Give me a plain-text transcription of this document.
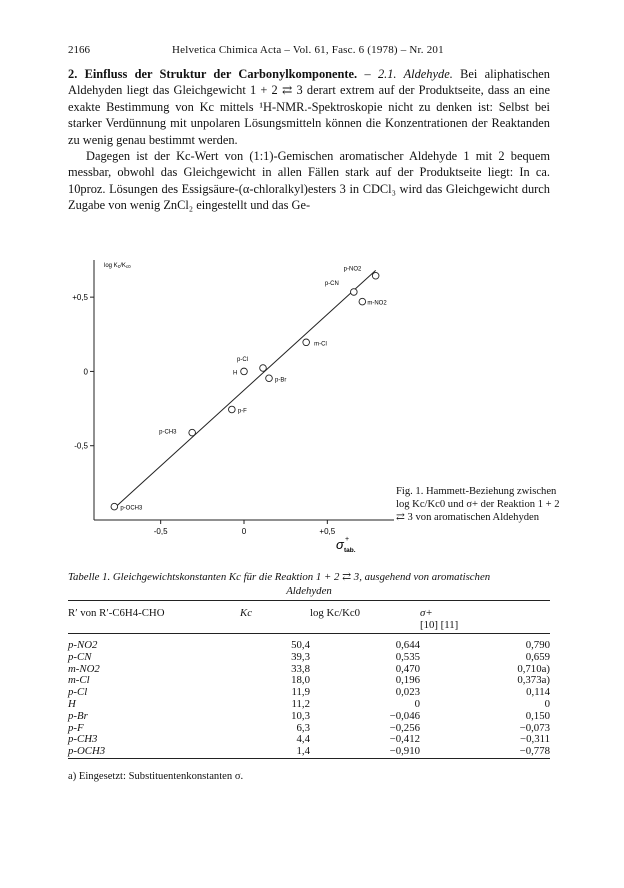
2166	Helvetica Chimica Acta – Vol. 61, Fasc. 6 (1978) – Nr. 201

2. Einfluss der Struktur der Carbonylkomponente. – 2.1. Aldehyde. Bei aliphatischen Aldehyden liegt das Gleichgewicht 1 + 2 ⇄ 3 derart extrem auf der Produktseite, dass an eine exakte Bestimmung von Kc mittels ¹H-NMR.-Spektroskopie nicht zu denken ist: Selbst bei starker Verdünnung mit unpolaren Lösungsmitteln können die Konzentrationen der Reaktanden zu wenig genau bestimmt werden.

Dagegen ist der Kc-Wert von (1:1)-Gemischen aromatischer Aldehyde 1 mit 2 bequem messbar, obwohl das Gleichgewicht in allen Fällen stark auf der Produktseite liegt: In ca. 10proz. Lösungen des Essigsäure-(α-chloralkyl)esters 3 in CDCl₃ wird das Gleichgewicht durch Zugabe von wenig ZnCl₂ eingestellt und das Ge-

+0,5
0
-0,5
-0,5	0	+0,5
log Kc/Kc0
σ +
tab.
p-NO2
p-CN
m-NO2
m-Cl
p-Cl
H
p-Br
p-F
p-CH3
p-OCH3
Fig. 1. Hammett-Beziehung zwischen log Kc/Kc0 und σ+ der Reaktion 1 + 2 ⇄ 3 von aromatischen Aldehyden
Tabelle 1. Gleichgewichtskonstanten Kc für die Reaktion 1 + 2 ⇄ 3, ausgehend von aromatischen
Aldehyden
R′ von R′-C6H4-CHO	Kc	log Kc/Kc0	σ+
[10] [11]
p-NO2	50,4	0,644	0,790
p-CN	39,3	0,535	0,659
m-NO2	33,8	0,470	0,710a)
m-Cl	18,0	0,196	0,373a)
p-Cl	11,9	0,023	0,114
H	11,2	0	0
p-Br	10,3	−0,046	0,150
p-F	6,3	−0,256	−0,073
p-CH3	4,4	−0,412	−0,311
p-OCH3	1,4	−0,910	−0,778
a) Eingesetzt: Substituentenkonstanten σ.
